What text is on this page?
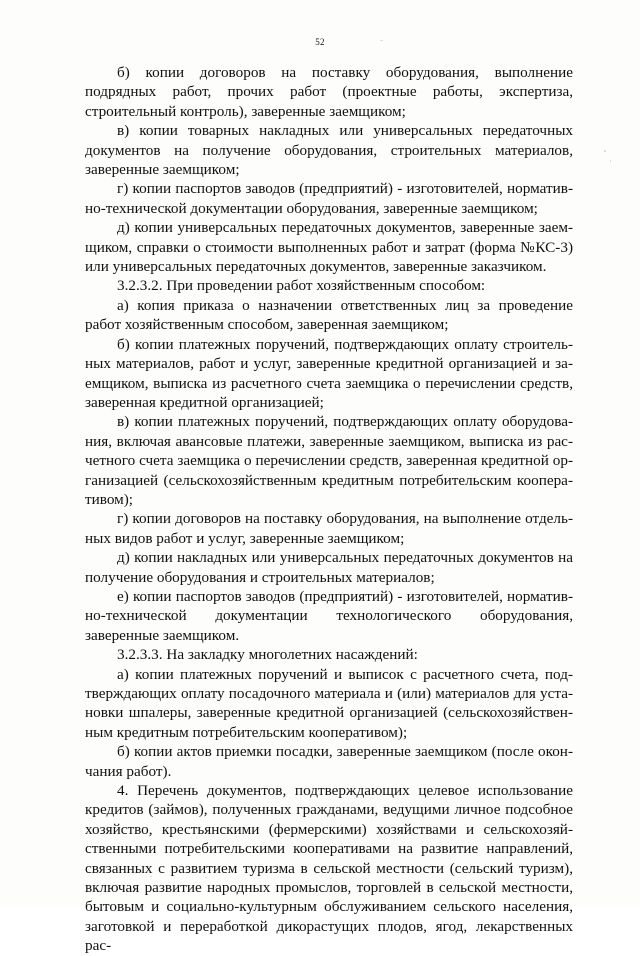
52

б) копии договоров на поставку оборудования, выполнение подрядных работ, прочих работ (проектные работы, экспертиза, строительный контроль), заверенные заемщиком;

в) копии товарных накладных или универсальных передаточных документов на получение оборудования, строительных материалов, заверенные заемщиком;

г) копии паспортов заводов (предприятий) - изготовителей, нормативно-технической документации оборудования, заверенные заемщиком;

д) копии универсальных передаточных документов, заверенные заемщиком, справки о стоимости выполненных работ и затрат (форма №КС-3) или универсальных передаточных документов, заверенные заказчиком.

3.2.3.2. При проведении работ хозяйственным способом:

а) копия приказа о назначении ответственных лиц за проведение работ хозяйственным способом, заверенная заемщиком;

б) копии платежных поручений, подтверждающих оплату строительных материалов, работ и услуг, заверенные кредитной организацией и заемщиком, выписка из расчетного счета заемщика о перечислении средств, заверенная кредитной организацией;

в) копии платежных поручений, подтверждающих оплату оборудования, включая авансовые платежи, заверенные заемщиком, выписка из расчетного счета заемщика о перечислении средств, заверенная кредитной организацией (сельскохозяйственным кредитным потребительским кооперативом);

г) копии договоров на поставку оборудования, на выполнение отдельных видов работ и услуг, заверенные заемщиком;

д) копии накладных или универсальных передаточных документов на получение оборудования и строительных материалов;

е) копии паспортов заводов (предприятий) - изготовителей, нормативно-технической документации технологического оборудования, заверенные заемщиком.

3.2.3.3. На закладку многолетних насаждений:

а) копии платежных поручений и выписок с расчетного счета, подтверждающих оплату посадочного материала и (или) материалов для установки шпалеры, заверенные кредитной организацией (сельскохозяйственным кредитным потребительским кооперативом);

б) копии актов приемки посадки, заверенные заемщиком (после окончания работ).

4. Перечень документов, подтверждающих целевое использование кредитов (займов), полученных гражданами, ведущими личное подсобное хозяйство, крестьянскими (фермерскими) хозяйствами и сельскохозяйственными потребительскими кооперативами на развитие направлений, связанных с развитием туризма в сельской местности (сельский туризм), включая развитие народных промыслов, торговлей в сельской местности, бытовым и социально-культурным обслуживанием сельского населения, заготовкой и переработкой дикорастущих плодов, ягод, лекарственных рас-
